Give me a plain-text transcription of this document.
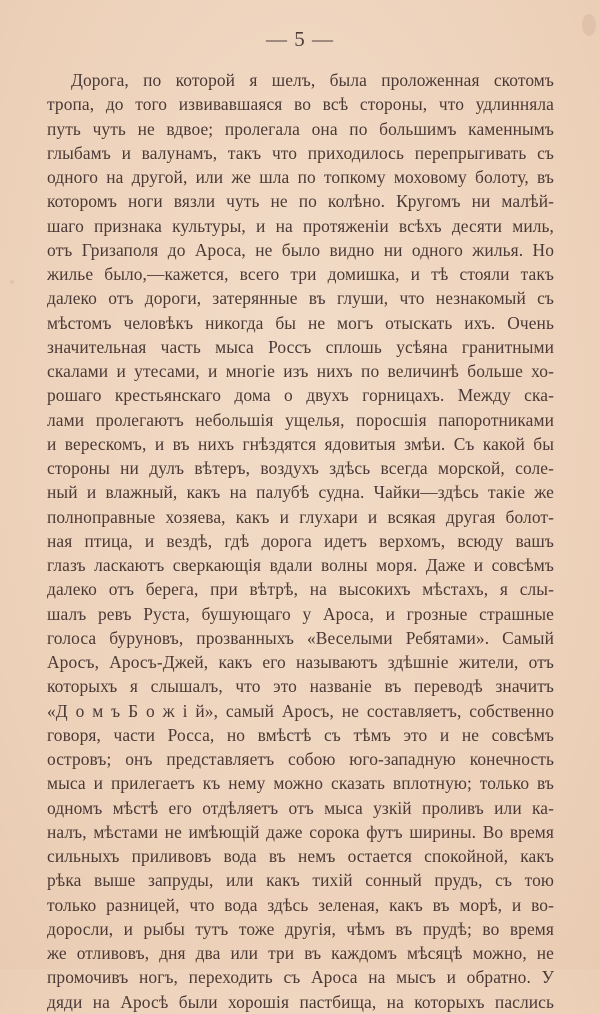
— 5 —
Дорога, по которой я шелъ, была проложенная скотомъ
тропа, до того извивавшаяся во всѣ стороны, что удлинняла
путь чуть не вдвое; пролегала она по большимъ каменнымъ
глыбамъ и валунамъ, такъ что приходилось перепрыгивать съ
одного на другой, или же шла по топкому моховому болоту, въ
которомъ ноги вязли чуть не по колѣно. Кругомъ ни малѣй-
шаго признака культуры, и на протяженіи всѣхъ десяти миль,
отъ Гризаполя до Ароса, не было видно ни одного жилья. Но
жилье было,—кажется, всего три домишка, и тѣ стояли такъ
далеко отъ дороги, затерянные въ глуши, что незнакомый съ
мѣстомъ человѣкъ никогда бы не могъ отыскать ихъ. Очень
значительная часть мыса Россъ сплошь усѣяна гранитными
скалами и утесами, и многіе изъ нихъ по величинѣ больше хо-
рошаго крестьянскаго дома о двухъ горницахъ. Между ска-
лами пролегаютъ небольшія ущелья, поросшія папоротниками
и верескомъ, и въ нихъ гнѣздятся ядовитыя змѣи. Съ какой бы
стороны ни дулъ вѣтеръ, воздухъ здѣсь всегда морской, соле-
ный и влажный, какъ на палубѣ судна. Чайки—здѣсь такіе же
полноправные хозяева, какъ и глухари и всякая другая болот-
ная птица, и вездѣ, гдѣ дорога идетъ верхомъ, всюду вашъ
глазъ ласкаютъ сверкающія вдали волны моря. Даже и совсѣмъ
далеко отъ берега, при вѣтрѣ, на высокихъ мѣстахъ, я слы-
шалъ ревъ Руста, бушующаго у Ароса, и грозные страшные
голоса буруновъ, прозванныхъ «Веселыми Ребятами». Самый
Аросъ, Аросъ-Джей, какъ его называютъ здѣшніе жители, отъ
которыхъ я слышалъ, что это названіе въ переводѣ значитъ
«Д о м ъ Б о ж і й», самый Аросъ, не составляетъ, собственно
говоря, части Росса, но вмѣстѣ съ тѣмъ это и не совсѣмъ
островъ; онъ представляетъ собою юго-западную конечность
мыса и прилегаетъ къ нему можно сказать вплотную; только въ
одномъ мѣстѣ его отдѣляетъ отъ мыса узкій проливъ или ка-
налъ, мѣстами не имѣющій даже сорока футъ ширины. Во время
сильныхъ приливовъ вода въ немъ остается спокойной, какъ
рѣка выше запруды, или какъ тихій сонный прудъ, съ тою
только разницей, что вода здѣсь зеленая, какъ въ морѣ, и во-
доросли, и рыбы тутъ тоже другія, чѣмъ въ прудѣ; во время
же отливовъ, дня два или три въ каждомъ мѣсяцѣ можно, не
промочивъ ногъ, переходить съ Ароса на мысъ и обратно. У
дяди на Аросѣ были хорошія пастбища, на которыхъ паслись
